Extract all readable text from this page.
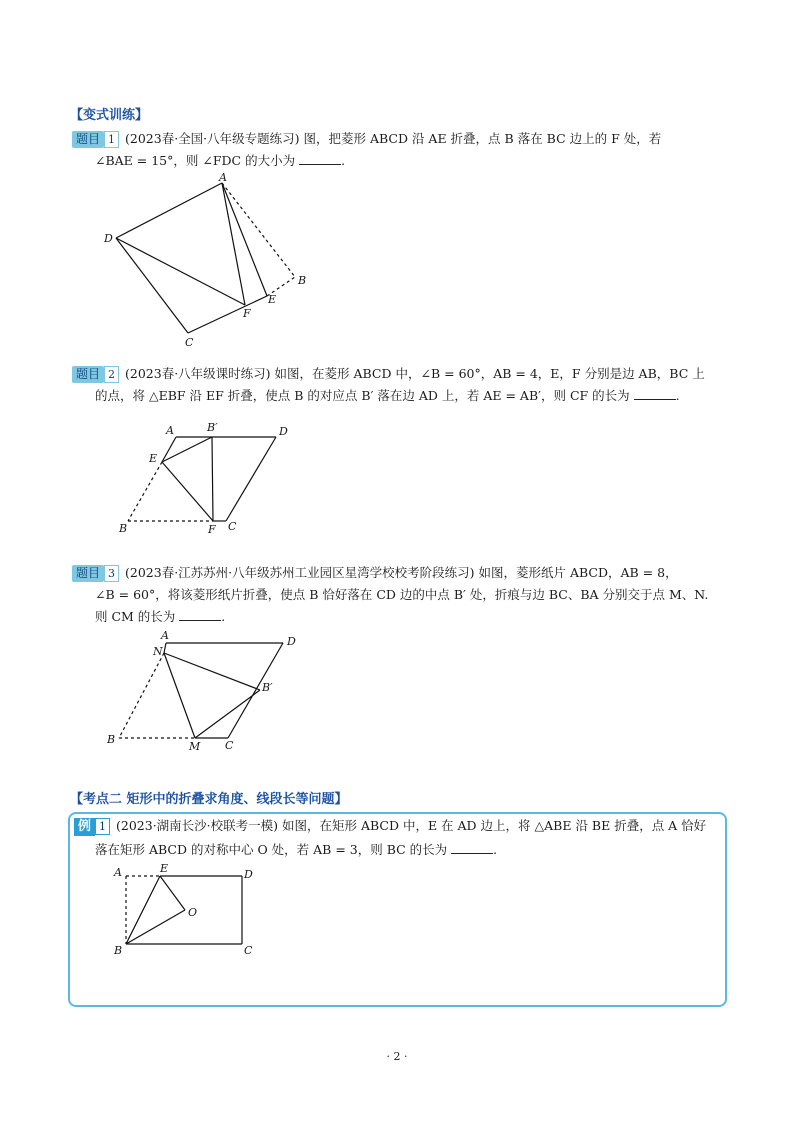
【变式训练】
题目 1 (2023春·全国·八年级专题练习) 图，把菱形 ABCD 沿 AE 折叠，点 B 落在 BC 边上的 F 处，若
∠BAE = 15°，则 ∠FDC 的大小为	.
A
D
B
E
F
C
题目 2 (2023春·八年级课时练习) 如图，在菱形 ABCD 中，∠B = 60°，AB = 4，E，F 分别是边 AB，BC 上
的点，将 △EBF 沿 EF 折叠，使点 B 的对应点 B′ 落在边 AD 上，若 AE = AB′，则 CF 的长为	.
A	B′	D
E
B	F C
题目 3 (2023春·江苏苏州·八年级苏州工业园区星湾学校校考阶段练习) 如图，菱形纸片 ABCD，AB = 8，
∠B = 60°，将该菱形纸片折叠，使点 B 恰好落在 CD 边的中点 B′ 处，折痕与边 BC、BA 分别交于点 M、N.
则 CM 的长为	.
A
N
D
B′
B
M C
【考点二 矩形中的折叠求角度、线段长等问题】
例 1 (2023·湖南长沙·校联考一模) 如图，在矩形 ABCD 中，E 在 AD 边上，将 △ABE 沿 BE 折叠，点 A 恰好
落在矩形 ABCD 的对称中心 O 处，若 AB = 3，则 BC 的长为	.
A	E	D
O
B	C
· 2 ·
